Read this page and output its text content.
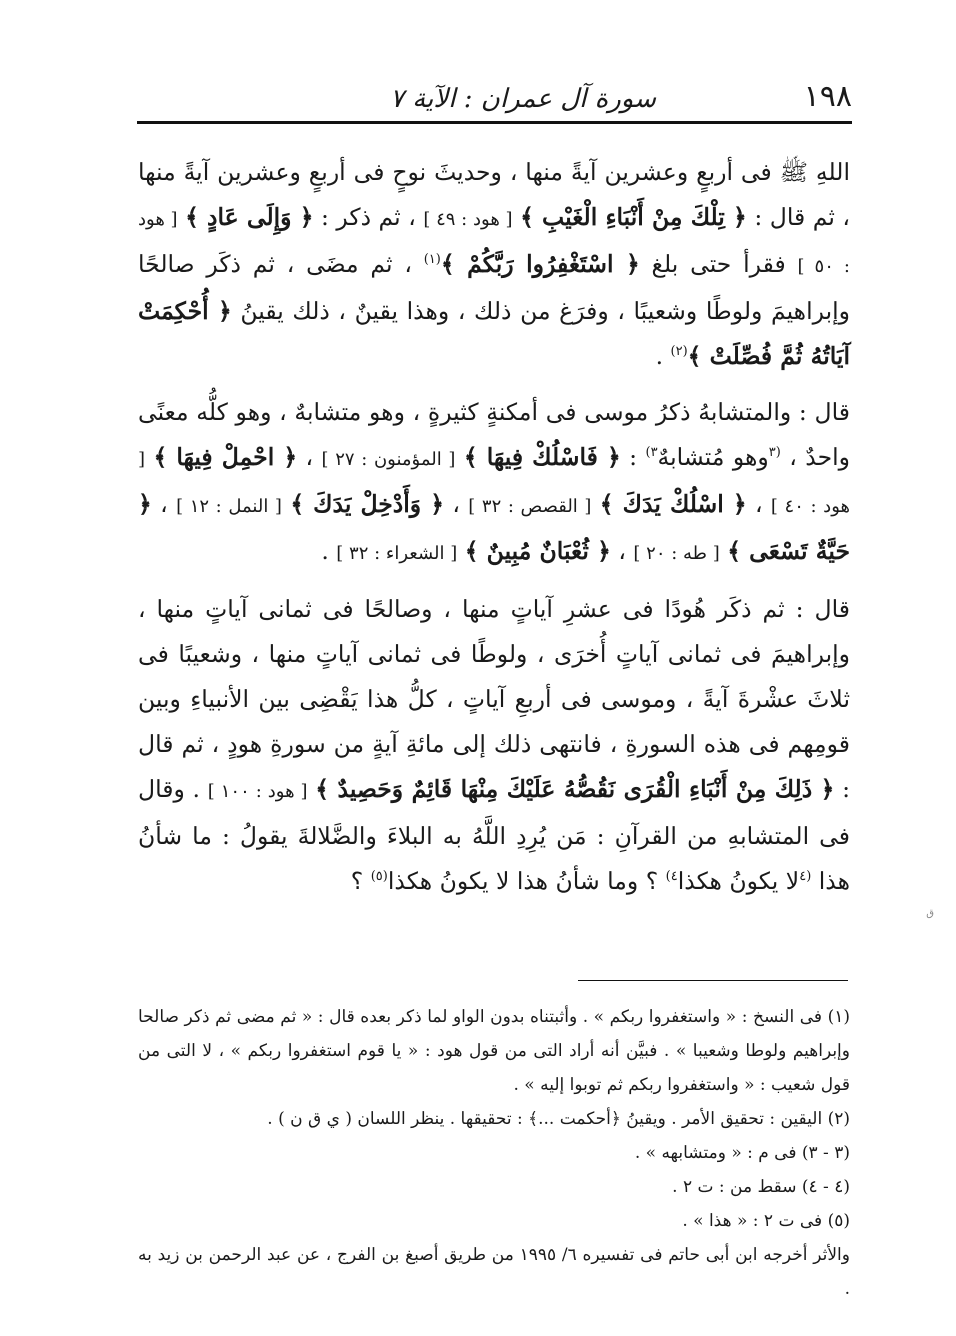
١٩٨
سورة آل عمران : الآية ٧

اللهِ ﷺ فى أربعٍ وعشرين آيةً منها ، وحديثَ نوحٍ فى أربعٍ وعشرين آيةً منها ، ثم قال : ﴿ تِلْكَ مِنْ أَنْبَاءِ الْغَيْبِ ﴾ [ هود : ٤٩ ] ، ثم ذكر : ﴿ وَإِلَى عَادٍ ﴾ [ هود : ٥٠ ] فقرأ حتى بلغ ﴿ اسْتَغْفِرُوا رَبَّكُمْ ﴾$^{(١)}$ ، ثم مضَى ، ثم ذكَر صالحًا وإبراهيمَ ولوطًا وشعيبًا ، وفرَغ من ذلك ، وهذا يقينٌ ، ذلك يقينُ ﴿ أُحْكِمَتْ آيَاتُهُ ثُمَّ فُصِّلَتْ ﴾$^{(٢)}$ .

قال : والمتشابهُ ذكرُ موسى فى أمكنةٍ كثيرةٍ ، وهو متشابهٌ ، وهو كلُّه معنًى واحدٌ ، $^{(٣}$وهو مُتشابهٌ$^{٣)}$ : ﴿ فَاسْلُكْ فِيهَا ﴾ [ المؤمنون : ٢٧ ] ، ﴿ احْمِلْ فِيهَا ﴾ [ هود : ٤٠ ] ، ﴿ اسْلُكْ يَدَكَ ﴾ [ القصص : ٣٢ ] ، ﴿ وَأَدْخِلْ يَدَكَ ﴾ [ النمل : ١٢ ] ، ﴿ حَيَّةٌ تَسْعَى ﴾ [ طه : ٢٠ ] ، ﴿ ثُعْبَانٌ مُبِينٌ ﴾ [ الشعراء : ٣٢ ] .

قال : ثم ذكَر هُودًا فى عشرِ آياتٍ منها ، وصالحًا فى ثمانى آياتٍ منها ، وإبراهيمَ فى ثمانى آياتٍ أُخرَى ، ولوطًا فى ثمانى آياتٍ منها ، وشعيبًا فى ثلاثَ عشْرةَ آيةً ، وموسى فى أربعِ آياتٍ ، كلُّ هذا يَقْضِى بين الأنبياءِ وبين قومِهم فى هذه السورةِ ، فانتهى ذلك إلى مائةِ آيةٍ من سورةِ هودٍ ، ثم قال : ﴿ ذَلِكَ مِنْ أَنْبَاءِ الْقُرَى نَقُصُّهُ عَلَيْكَ مِنْهَا قَائِمٌ وَحَصِيدٌ ﴾ [ هود : ١٠٠ ] . وقال فى المتشابهِ من القرآنِ : مَن يُرِدِ اللَّهُ به البلاءَ والضَّلالةَ يقولُ : ما شأنُ هذا $^{(٤}$لا يكونُ هكذا$^{٤)}$ ؟ وما شأنُ هذا لا يكونُ هكذا$^{(٥)}$ ؟

ق

(١) فى النسخ : « واستغفروا ربكم » . وأثبتناه بدون الواو لما ذكر بعده قال : « ثم مضى ثم ذكر صالحا وإبراهيم ولوطا وشعيبا » . فبيَّن أنه أراد التى من قول هود : « يا قوم استغفروا ربكم » ، لا التى من قول شعيب : « واستغفروا ربكم ثم توبوا إليه » .

(٢) اليقين : تحقيق الأمر . ويقينُ ﴿أحكمت ...﴾ : تحقيقها . ينظر اللسان ( ي ق ن ) .

(٣ - ٣) فى م : « ومتشابهه » .

(٤ - ٤) سقط من : ت ٢ .

(٥) فى ت ٢ : « هذا » .

والأثر أخرجه ابن أبى حاتم فى تفسيره ٦/ ١٩٩٥ من طريق أصبغ بن الفرج ، عن عبد الرحمن بن زيد به .
